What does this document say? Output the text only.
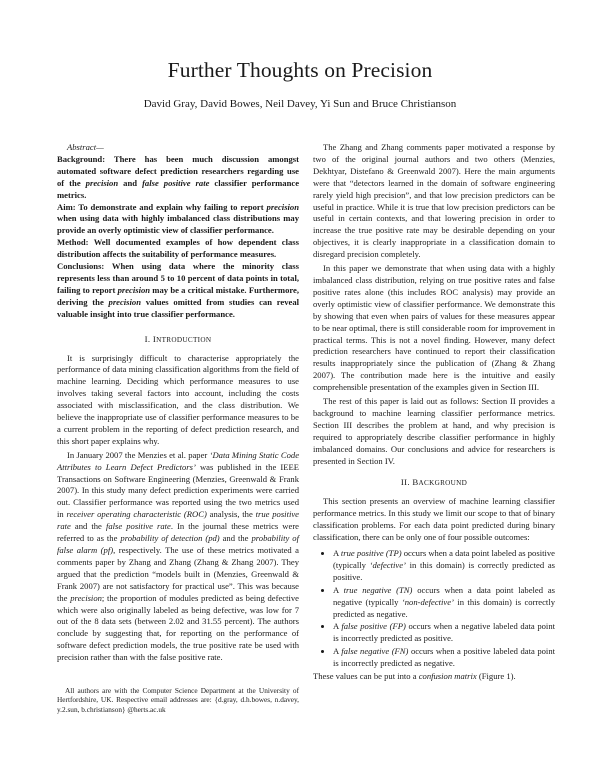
Further Thoughts on Precision
David Gray, David Bowes, Neil Davey, Yi Sun and Bruce Christianson

Abstract—

Background: There has been much discussion amongst automated software defect prediction researchers regarding use of the precision and false positive rate classifier performance metrics.

Aim: To demonstrate and explain why failing to report precision when using data with highly imbalanced class distributions may provide an overly optimistic view of classifier performance.

Method: Well documented examples of how dependent class distribution affects the suitability of performance measures.

Conclusions: When using data where the minority class represents less than around 5 to 10 percent of data points in total, failing to report precision may be a critical mistake. Furthermore, deriving the precision values omitted from studies can reveal valuable insight into true classifier performance.

I. INTRODUCTION

It is surprisingly difficult to characterise appropriately the performance of data mining classification algorithms from the field of machine learning. Deciding which performance measures to use involves taking several factors into account, including the costs associated with misclassification, and the class distribution. We believe the inappropriate use of classifier performance measures to be a current problem in the reporting of defect prediction research, and this short paper explains why.

In January 2007 the Menzies et al. paper ‘Data Mining Static Code Attributes to Learn Defect Predictors’ was published in the IEEE Transactions on Software Engineering (Menzies, Greenwald & Frank 2007). In this study many defect prediction experiments were carried out. Classifier performance was reported using the two metrics used in receiver operating characteristic (ROC) analysis, the true positive rate and the false positive rate. In the journal these metrics were referred to as the probability of detection (pd) and the probability of false alarm (pf), respectively. The use of these metrics motivated a comments paper by Zhang and Zhang (Zhang & Zhang 2007). They argued that the prediction “models built in (Menzies, Greenwald & Frank 2007) are not satisfactory for practical use”. This was because the precision; the proportion of modules predicted as being defective which were also originally labeled as being defective, was low for 7 out of the 8 data sets (between 2.02 and 31.55 percent). The authors conclude by suggesting that, for reporting on the performance of software defect prediction models, the true positive rate be used with precision rather than with the false positive rate.

All authors are with the Computer Science Department at the University of Hertfordshire, UK. Respective email addresses are: {d.gray, d.h.bowes, n.davey, y.2.sun, b.christianson} @herts.ac.uk

The Zhang and Zhang comments paper motivated a response by two of the original journal authors and two others (Menzies, Dekhtyar, Distefano & Greenwald 2007). Here the main arguments were that “detectors learned in the domain of software engineering rarely yield high precision”, and that low precision predictors can be useful in practice. While it is true that low precision predictors can be useful in certain contexts, and that lowering precision in order to increase the true positive rate may be desirable depending on your objectives, it is clearly inappropriate in a classification domain to disregard precision completely.

In this paper we demonstrate that when using data with a highly imbalanced class distribution, relying on true positive rates and false positive rates alone (this includes ROC analysis) may provide an overly optimistic view of classifier performance. We demonstrate this by showing that even when pairs of values for these measures appear to be near optimal, there is still considerable room for improvement in practical terms. This is not a novel finding. However, many defect prediction researchers have continued to report their classification results inappropriately since the publication of (Zhang & Zhang 2007). The contribution made here is the intuitive and easily comprehensible presentation of the examples given in Section III.

The rest of this paper is laid out as follows: Section II provides a background to machine learning classifier performance metrics. Section III describes the problem at hand, and why precision is required to appropriately describe classifier performance in highly imbalanced domains. Our conclusions and advice for researchers is presented in Section IV.

II. BACKGROUND

This section presents an overview of machine learning classifier performance metrics. In this study we limit our scope to that of binary classification problems. For each data point predicted during binary classification, there can be only one of four possible outcomes:

• A true positive (TP) occurs when a data point labeled as positive (typically ‘defective’ in this domain) is correctly predicted as positive.
• A true negative (TN) occurs when a data point labeled as negative (typically ‘non-defective’ in this domain) is correctly predicted as negative.
• A false positive (FP) occurs when a negative labeled data point is incorrectly predicted as positive.
• A false negative (FN) occurs when a positive labeled data point is incorrectly predicted as negative.

These values can be put into a confusion matrix (Figure 1).
